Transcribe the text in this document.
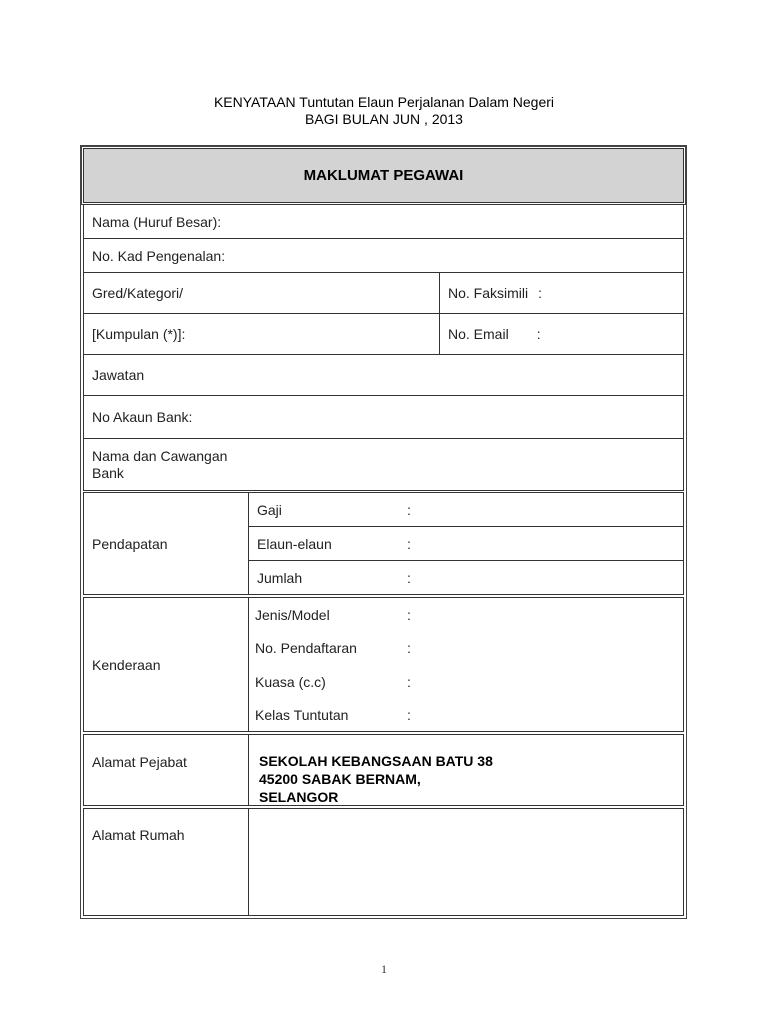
KENYATAAN Tuntutan Elaun Perjalanan Dalam Negeri
BAGI BULAN JUN , 2013
MAKLUMAT PEGAWAI
Nama (Huruf Besar):
No. Kad Pengenalan:
Gred/Kategori/	No. Faksimili :
[Kumpulan (*)]:	No. Email :
Jawatan
No Akaun Bank:
Nama dan Cawangan
Bank
Pendapatan
Gaji	:
Elaun-elaun	:
Jumlah	:
Kenderaan
Jenis/Model	:
No. Pendaftaran	:
Kuasa (c.c)	:
Kelas Tuntutan	:
Alamat Pejabat	SEKOLAH KEBANGSAAN BATU 38
45200 SABAK BERNAM,
SELANGOR
Alamat Rumah
1
